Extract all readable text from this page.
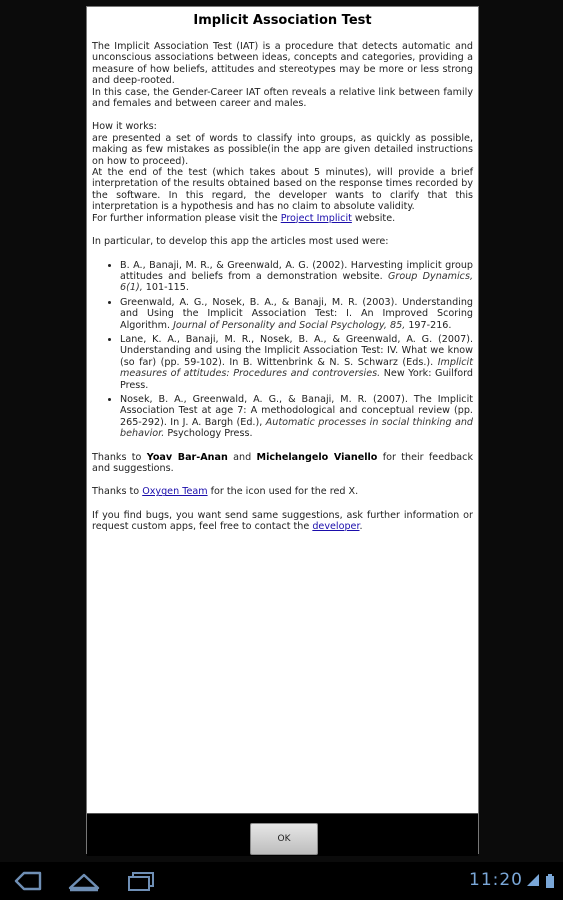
Implicit Association Test

The Implicit Association Test (IAT) is a procedure that detects automatic and unconscious associations between ideas, concepts and categories, providing a measure of how beliefs, attitudes and stereotypes may be more or less strong and deep-rooted.

In this case, the Gender-Career IAT often reveals a relative link between family and females and between career and males.

How it works:

are presented a set of words to classify into groups, as quickly as possible, making as few mistakes as possible(in the app are given detailed instructions on how to proceed).

At the end of the test (which takes about 5 minutes), will provide a brief interpretation of the results obtained based on the response times recorded by the software. In this regard, the developer wants to clarify that this interpretation is a hypothesis and has no claim to absolute validity.

For further information please visit the Project Implicit website.

In particular, to develop this app the articles most used were:

• B. A., Banaji, M. R., & Greenwald, A. G. (2002). Harvesting implicit group attitudes and beliefs from a demonstration website. Group Dynamics, 6(1), 101-115.
• Greenwald, A. G., Nosek, B. A., & Banaji, M. R. (2003). Understanding and Using the Implicit Association Test: I. An Improved Scoring Algorithm. Journal of Personality and Social Psychology, 85, 197-216.
• Lane, K. A., Banaji, M. R., Nosek, B. A., & Greenwald, A. G. (2007). Understanding and using the Implicit Association Test: IV. What we know (so far) (pp. 59-102). In B. Wittenbrink & N. S. Schwarz (Eds.). Implicit measures of attitudes: Procedures and controversies. New York: Guilford Press.
• Nosek, B. A., Greenwald, A. G., & Banaji, M. R. (2007). The Implicit Association Test at age 7: A methodological and conceptual review (pp. 265-292). In J. A. Bargh (Ed.), Automatic processes in social thinking and behavior. Psychology Press.

Thanks to Yoav Bar-Anan and Michelangelo Vianello for their feedback and suggestions.

Thanks to Oxygen Team for the icon used for the red X.

If you find bugs, you want send same suggestions, ask further information or request custom apps, feel free to contact the developer.

OK
11:20
